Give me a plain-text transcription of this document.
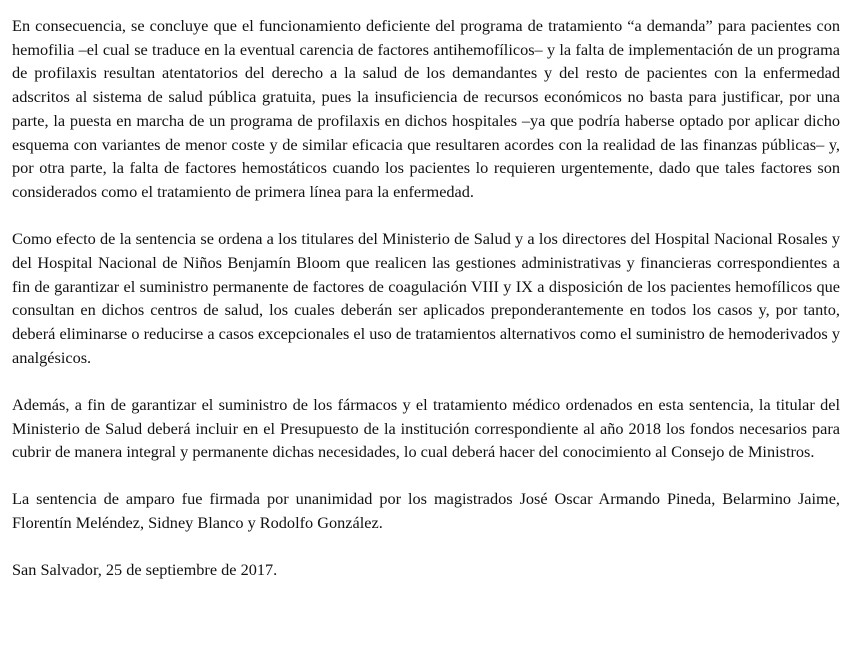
En consecuencia, se concluye que el funcionamiento deficiente del programa de tratamiento “a demanda” para pacientes con hemofilia –el cual se traduce en la eventual carencia de factores antihemofílicos– y la falta de implementación de un programa de profilaxis resultan atentatorios del derecho a la salud de los demandantes y del resto de pacientes con la enfermedad adscritos al sistema de salud pública gratuita, pues la insuficiencia de recursos económicos no basta para justificar, por una parte, la puesta en marcha de un programa de profilaxis en dichos hospitales –ya que podría haberse optado por aplicar dicho esquema con variantes de menor coste y de similar eficacia que resultaren acordes con la realidad de las finanzas públicas– y, por otra parte, la falta de factores hemostáticos cuando los pacientes lo requieren urgentemente, dado que tales factores son considerados como el tratamiento de primera línea para la enfermedad.

Como efecto de la sentencia se ordena a los titulares del Ministerio de Salud y a los directores del Hospital Nacional Rosales y del Hospital Nacional de Niños Benjamín Bloom que realicen las gestiones administrativas y financieras correspondientes a fin de garantizar el suministro permanente de factores de coagulación VIII y IX a disposición de los pacientes hemofílicos que consultan en dichos centros de salud, los cuales deberán ser aplicados preponderantemente en todos los casos y, por tanto, deberá eliminarse o reducirse a casos excepcionales el uso de tratamientos alternativos como el suministro de hemoderivados y analgésicos.

Además, a fin de garantizar el suministro de los fármacos y el tratamiento médico ordenados en esta sentencia, la titular del Ministerio de Salud deberá incluir en el Presupuesto de la institución correspondiente al año 2018 los fondos necesarios para cubrir de manera integral y permanente dichas necesidades, lo cual deberá hacer del conocimiento al Consejo de Ministros.

La sentencia de amparo fue firmada por unanimidad por los magistrados José Oscar Armando Pineda, Belarmino Jaime, Florentín Meléndez, Sidney Blanco y Rodolfo González.

San Salvador, 25 de septiembre de 2017.
